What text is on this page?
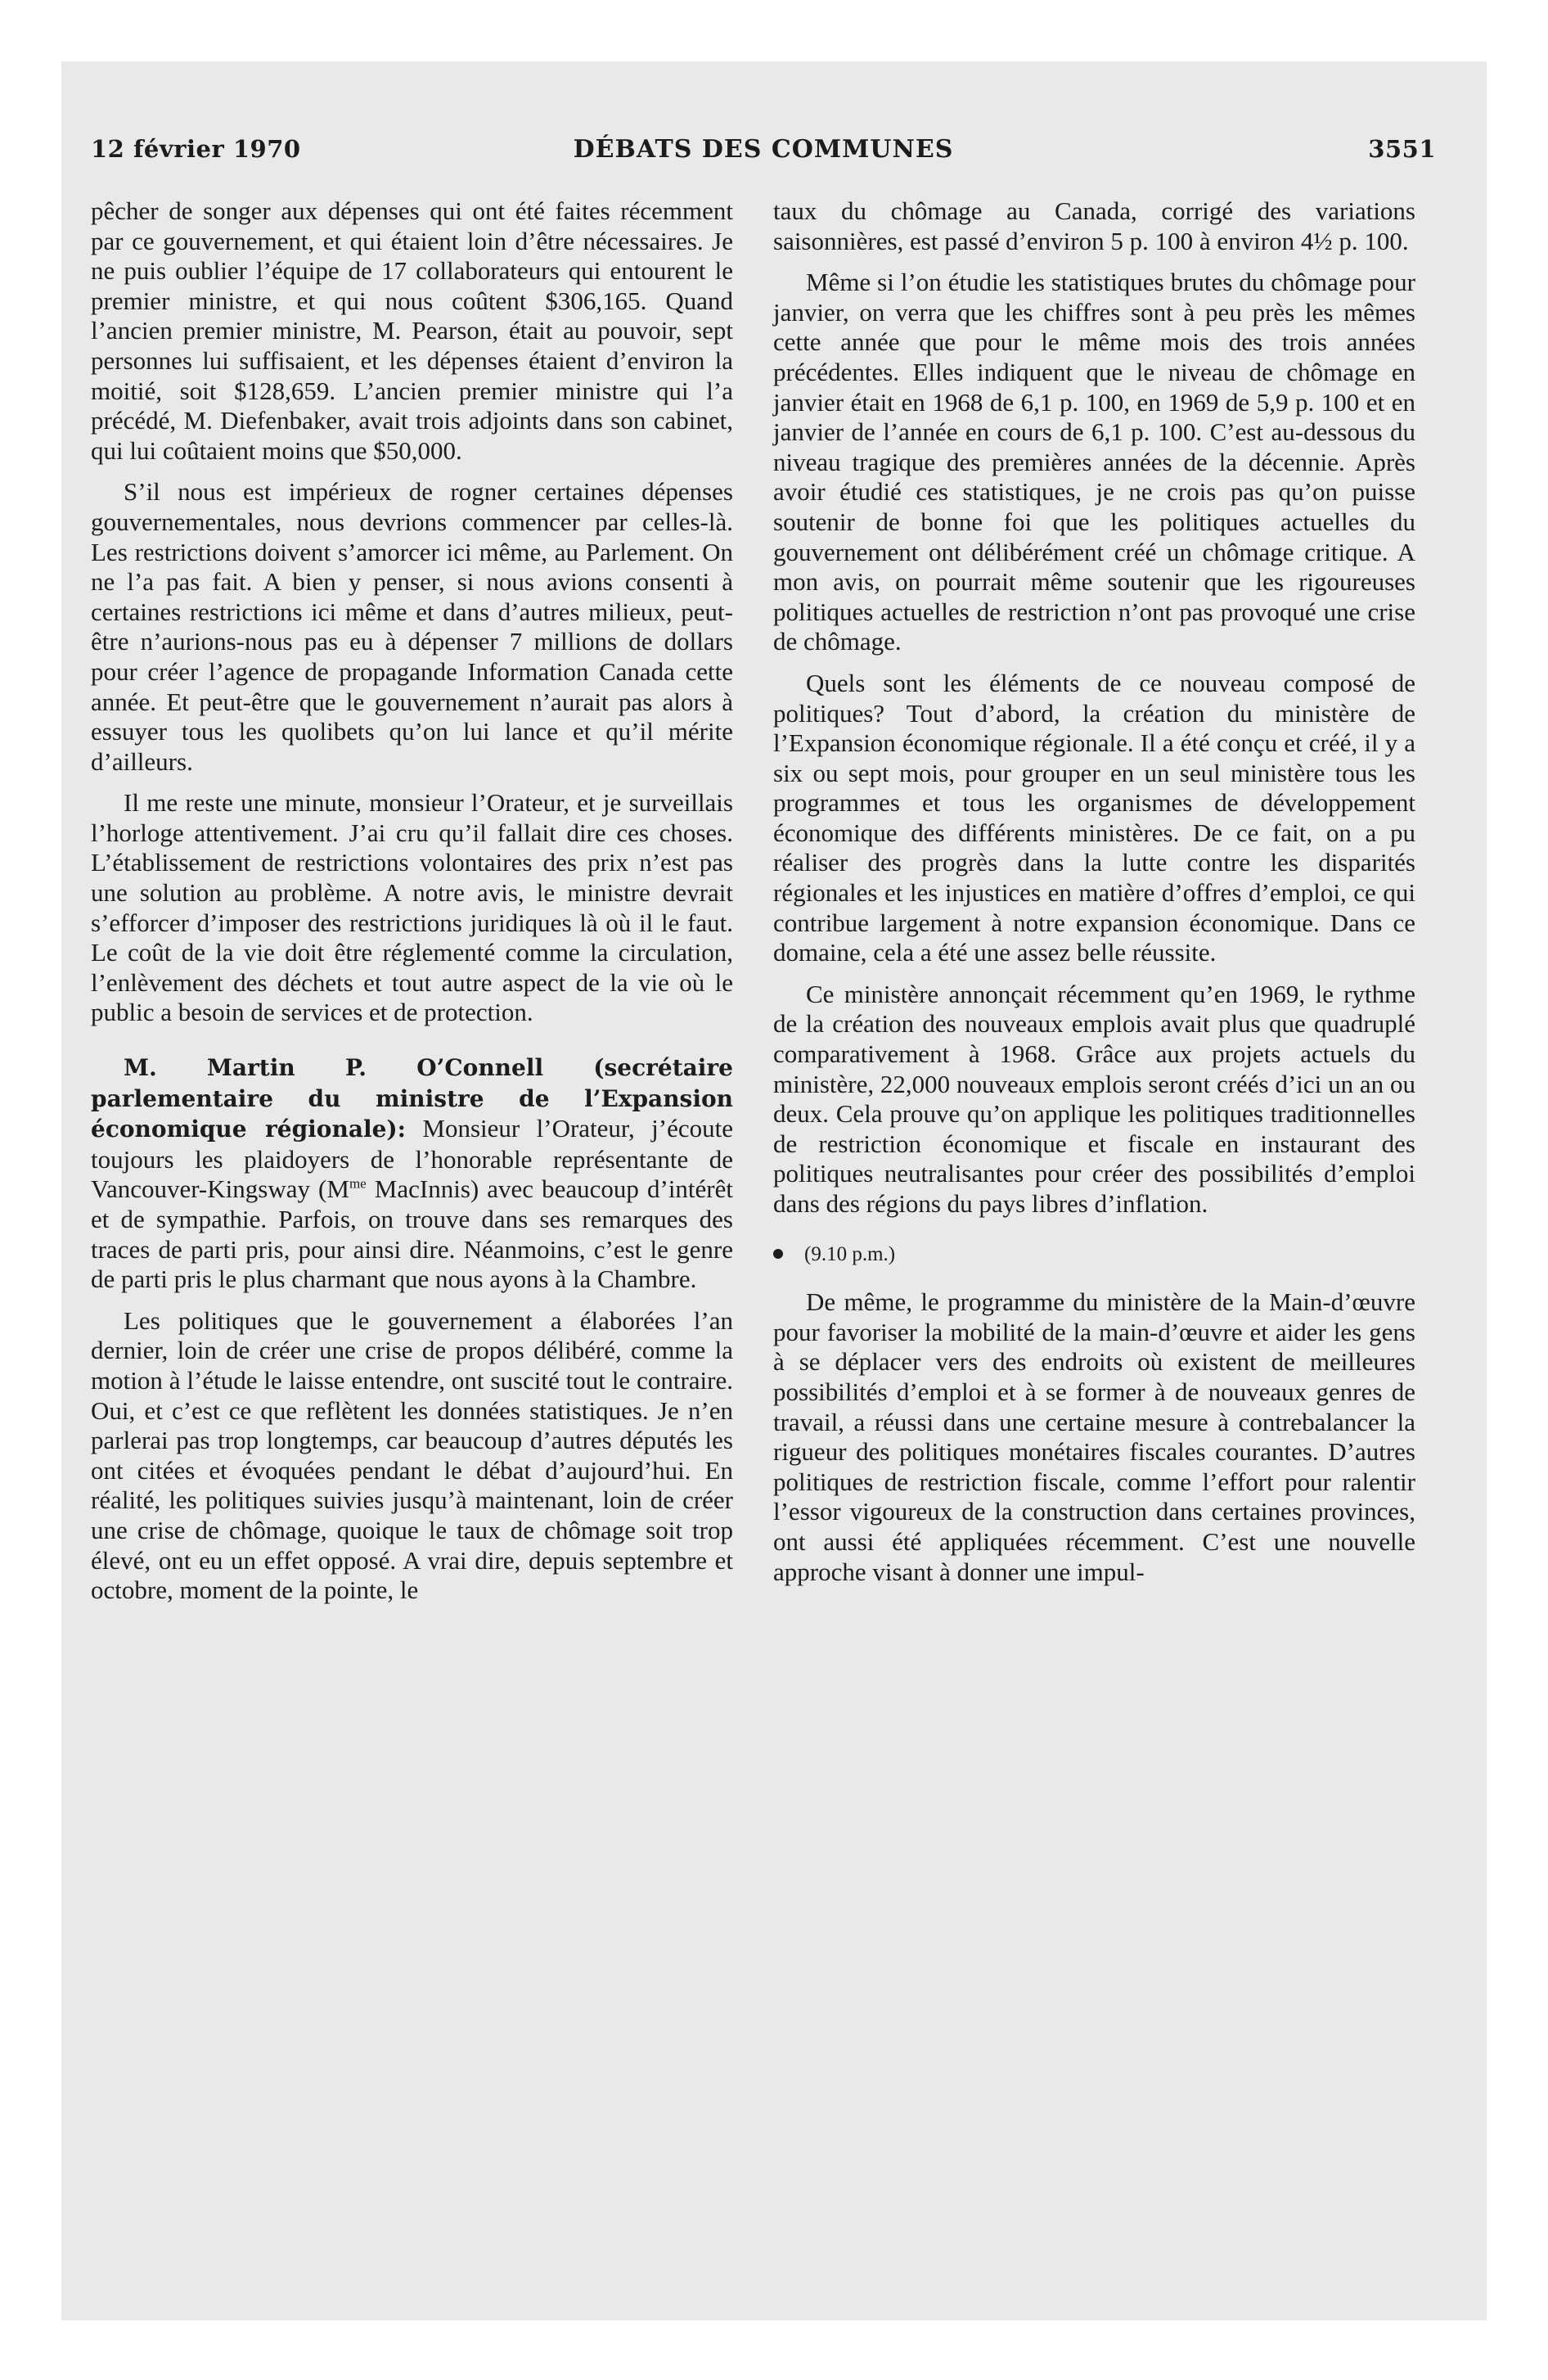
12 février 1970	DÉBATS DES COMMUNES	3551

pêcher de songer aux dépenses qui ont été faites récemment par ce gouvernement, et qui étaient loin d’être nécessaires. Je ne puis oublier l’équipe de 17 collaborateurs qui entourent le premier ministre, et qui nous coûtent $306,165. Quand l’ancien premier ministre, M. Pearson, était au pouvoir, sept personnes lui suffisaient, et les dépenses étaient d’environ la moitié, soit $128,659. L’ancien premier ministre qui l’a précédé, M. Diefenbaker, avait trois adjoints dans son cabinet, qui lui coûtaient moins que $50,000.

S’il nous est impérieux de rogner certaines dépenses gouvernementales, nous devrions commencer par celles-là. Les restrictions doivent s’amorcer ici même, au Parlement. On ne l’a pas fait. A bien y penser, si nous avions consenti à certaines restrictions ici même et dans d’autres milieux, peut-être n’aurions-nous pas eu à dépenser 7 millions de dollars pour créer l’agence de propagande Information Canada cette année. Et peut-être que le gouvernement n’aurait pas alors à essuyer tous les quolibets qu’on lui lance et qu’il mérite d’ailleurs.

Il me reste une minute, monsieur l’Orateur, et je surveillais l’horloge attentivement. J’ai cru qu’il fallait dire ces choses. L’établissement de restrictions volontaires des prix n’est pas une solution au problème. A notre avis, le ministre devrait s’efforcer d’imposer des restrictions juridiques là où il le faut. Le coût de la vie doit être réglementé comme la circulation, l’enlèvement des déchets et tout autre aspect de la vie où le public a besoin de services et de protection.

M. Martin P. O’Connell (secrétaire parlementaire du ministre de l’Expansion économique régionale): Monsieur l’Orateur, j’écoute toujours les plaidoyers de l’honorable représentante de Vancouver-Kingsway ($M^{me}$ MacInnis) avec beaucoup d’intérêt et de sympathie. Parfois, on trouve dans ses remarques des traces de parti pris, pour ainsi dire. Néanmoins, c’est le genre de parti pris le plus charmant que nous ayons à la Chambre.

Les politiques que le gouvernement a élaborées l’an dernier, loin de créer une crise de propos délibéré, comme la motion à l’étude le laisse entendre, ont suscité tout le contraire. Oui, et c’est ce que reflètent les données statistiques. Je n’en parlerai pas trop longtemps, car beaucoup d’autres députés les ont citées et évoquées pendant le débat d’aujourd’hui. En réalité, les politiques suivies jusqu’à maintenant, loin de créer une crise de chômage, quoique le taux de chômage soit trop élevé, ont eu un effet opposé. A vrai dire, depuis septembre et octobre, moment de la pointe, le

taux du chômage au Canada, corrigé des variations saisonnières, est passé d’environ 5 p. 100 à environ 4½ p. 100.

Même si l’on étudie les statistiques brutes du chômage pour janvier, on verra que les chiffres sont à peu près les mêmes cette année que pour le même mois des trois années précédentes. Elles indiquent que le niveau de chômage en janvier était en 1968 de 6,1 p. 100, en 1969 de 5,9 p. 100 et en janvier de l’année en cours de 6,1 p. 100. C’est au-dessous du niveau tragique des premières années de la décennie. Après avoir étudié ces statistiques, je ne crois pas qu’on puisse soutenir de bonne foi que les politiques actuelles du gouvernement ont délibérément créé un chômage critique. A mon avis, on pourrait même soutenir que les rigoureuses politiques actuelles de restriction n’ont pas provoqué une crise de chômage.

Quels sont les éléments de ce nouveau composé de politiques? Tout d’abord, la création du ministère de l’Expansion économique régionale. Il a été conçu et créé, il y a six ou sept mois, pour grouper en un seul ministère tous les programmes et tous les organismes de développement économique des différents ministères. De ce fait, on a pu réaliser des progrès dans la lutte contre les disparités régionales et les injustices en matière d’offres d’emploi, ce qui contribue largement à notre expansion économique. Dans ce domaine, cela a été une assez belle réussite.

Ce ministère annonçait récemment qu’en 1969, le rythme de la création des nouveaux emplois avait plus que quadruplé comparativement à 1968. Grâce aux projets actuels du ministère, 22,000 nouveaux emplois seront créés d’ici un an ou deux. Cela prouve qu’on applique les politiques traditionnelles de restriction économique et fiscale en instaurant des politiques neutralisantes pour créer des possibilités d’emploi dans des régions du pays libres d’inflation.

(9.10 p.m.)

De même, le programme du ministère de la Main-d’œuvre pour favoriser la mobilité de la main-d’œuvre et aider les gens à se déplacer vers des endroits où existent de meilleures possibilités d’emploi et à se former à de nouveaux genres de travail, a réussi dans une certaine mesure à contrebalancer la rigueur des politiques monétaires fiscales courantes. D’autres politiques de restriction fiscale, comme l’effort pour ralentir l’essor vigoureux de la construction dans certaines provinces, ont aussi été appliquées récemment. C’est une nouvelle approche visant à donner une impul-
